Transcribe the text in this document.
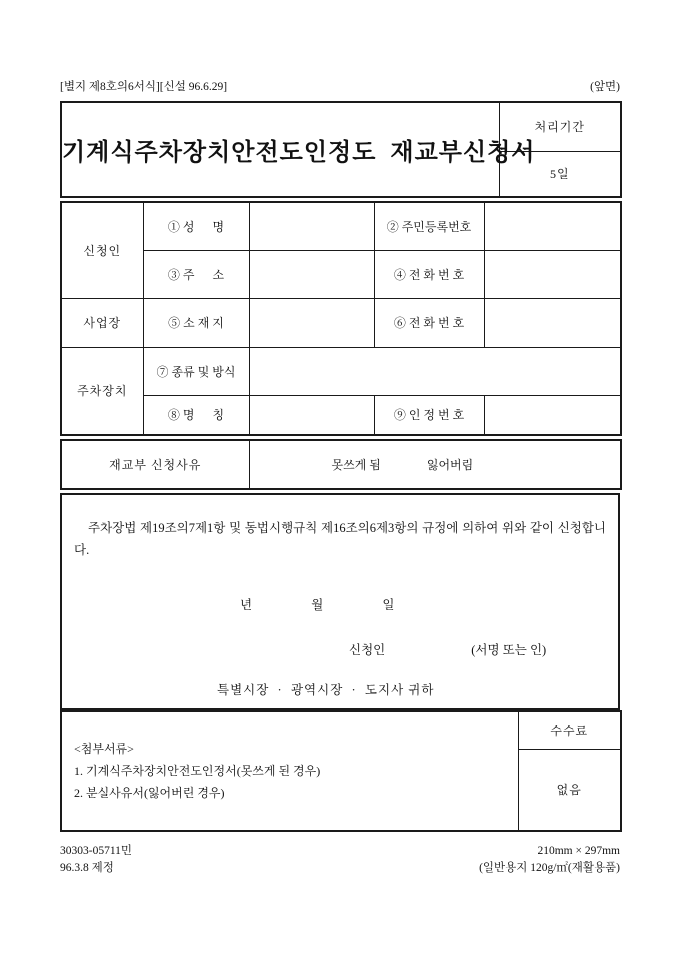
[별지 제8호의6서식][신설 96.6.29]	(앞면)
기계식주차장치안전도인정도  재교부신청서	처리기간
5일
신청인	① 성      명		② 주민등록번호	
	③ 주      소		④ 전 화 번 호	
사업장	⑤ 소 재 지		⑥ 전 화 번 호	
주차장치	⑦ 종류 및 방식			
	⑧ 명      칭		⑨ 인 정 번 호	
재교부 신청사유	못쓰게 됨	잃어버림
주차장법 제19조의7제1항 및 동법시행규칙 제16조의6제3항의 규정에 의하여 위와 같이 신청합니다.
년	월	일
신청인	(서명 또는 인)
특별시장  ·  광역시장  ·  도지사 귀하
<첨부서류>
1. 기계식주차장치안전도인정서(못쓰게 된 경우)
2. 분실사유서(잃어버린 경우)
	수수료
없음
30303-05711민
96.3.8 제정
210mm × 297mm
(일반용지 120g/㎡(재활용품)
